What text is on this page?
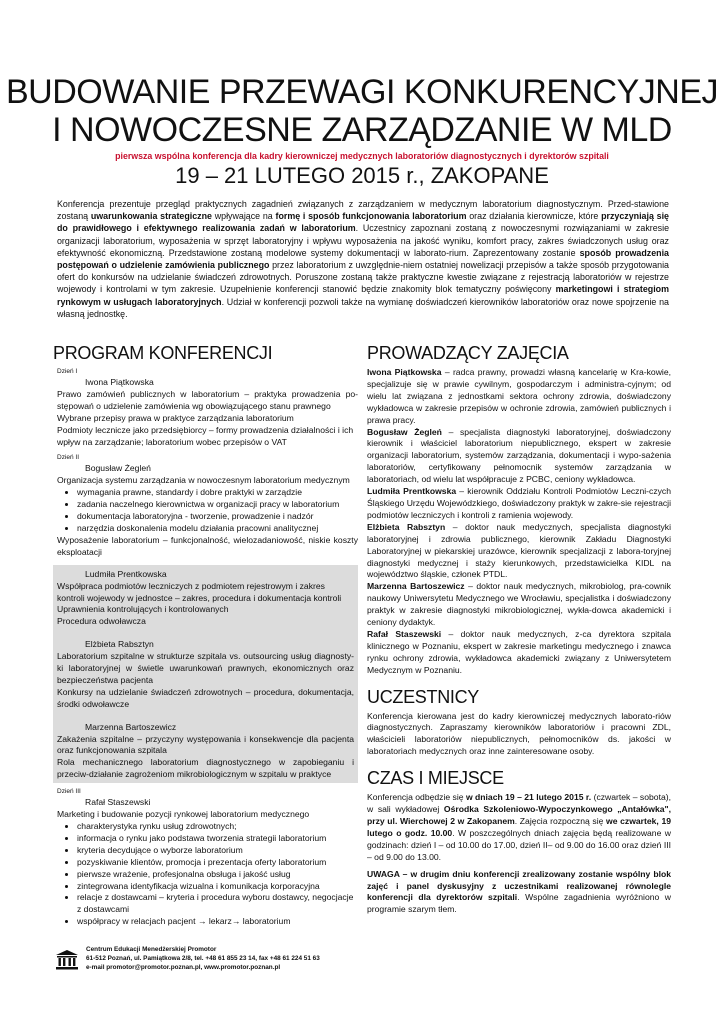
BUDOWANIE PRZEWAGI KONKURENCYJNEJ
I NOWOCZESNE ZARZĄDZANIE W MLD
pierwsza wspólna konferencja dla kadry kierowniczej medycznych laboratoriów diagnostycznych i dyrektorów szpitali
19 – 21 LUTEGO 2015 r., ZAKOPANE
Konferencja prezentuje przegląd praktycznych zagadnień związanych z zarządzaniem w medycznym laboratorium diagnostycznym. Przed-stawione zostaną uwarunkowania strategiczne wpływające na formę i sposób funkcjonowania laboratorium oraz działania kierownicze, które przyczyniają się do prawidłowego i efektywnego realizowania zadań w laboratorium. Uczestnicy zapoznani zostaną z nowoczesnymi rozwiązaniami w zakresie organizacji laboratorium, wyposażenia w sprzęt laboratoryjny i wpływu wyposażenia na jakość wyniku, komfort pracy, zakres świadczonych usług oraz efektywność ekonomiczną. Przedstawione zostaną modelowe systemy dokumentacji w laborato-rium. Zaprezentowany zostanie sposób prowadzenia postępowań o udzielenie zamówienia publicznego przez laboratorium z uwzględnie-niem ostatniej nowelizacji przepisów a także sposób przygotowania ofert do konkursów na udzielanie świadczeń zdrowotnych. Poruszone zostaną także praktyczne kwestie związane z rejestracją laboratoriów w rejestrze wojewody i kontrolami w tym zakresie. Uzupełnienie konferencji stanowić będzie znakomity blok tematyczny poświęcony marketingowi i strategiom rynkowym w usługach laboratoryjnych. Udział w konferencji pozwoli także na wymianę doświadczeń kierowników laboratoriów oraz nowe spojrzenie na własną jednostkę.
PROGRAM KONFERENCJI
Dzień I
Iwona Piątkowska
Prawo zamówień publicznych w laboratorium – praktyka prowadzenia po-stępowań o udzielenie zamówienia wg obowiązującego stanu prawnego
Wybrane przepisy prawa w praktyce zarządzania laboratorium
Podmioty lecznicze jako przedsiębiorcy – formy prowadzenia działalności i ich wpływ na zarządzanie; laboratorium wobec przepisów o VAT
Dzień II
Bogusław Żegleń
Organizacja systemu zarządzania w nowoczesnym laboratorium medycznym
• wymagania prawne, standardy i dobre praktyki w zarządzie
• zadania naczelnego kierownictwa w organizacji pracy w laboratorium
• dokumentacja laboratoryjna - tworzenie, prowadzenie i nadzór
• narzędzia doskonalenia modelu działania pracowni analitycznej
Wyposażenie laboratorium – funkcjonalność, wielozadaniowość, niskie koszty eksploatacji
Ludmiła Prentkowska
Współpraca podmiotów leczniczych z podmiotem rejestrowym i zakres kontroli wojewody w jednostce – zakres, procedura i dokumentacja kontroli
Uprawnienia kontrolujących i kontrolowanych
Procedura odwoławcza
Elżbieta Rabsztyn
Laboratorium szpitalne w strukturze szpitala vs. outsourcing usług diagnosty-ki laboratoryjnej w świetle uwarunkowań prawnych, ekonomicznych oraz bezpieczeństwa pacjenta
Konkursy na udzielanie świadczeń zdrowotnych – procedura, dokumentacja, środki odwoławcze
Marzenna Bartoszewicz
Zakażenia szpitalne – przyczyny występowania i konsekwencje dla pacjenta oraz funkcjonowania szpitala
Rola mechanicznego laboratorium diagnostycznego w zapobieganiu i przeciw-działanie zagrożeniom mikrobiologicznym w szpitalu w praktyce
Dzień III
Rafał Staszewski
Marketing i budowanie pozycji rynkowej laboratorium medycznego
• charakterystyka rynku usług zdrowotnych;
• informacja o rynku jako podstawa tworzenia strategii laboratorium
• kryteria decydujące o wyborze laboratorium
• pozyskiwanie klientów, promocja i prezentacja oferty laboratorium
• pierwsze wrażenie, profesjonalna obsługa i jakość usług
• zintegrowana identyfikacja wizualna i komunikacja korporacyjna
• relacje z dostawcami – kryteria i procedura wyboru dostawcy, negocjacje z dostawcami
• współpracy w relacjach pacjent → lekarz→ laboratorium
PROWADZĄCY ZAJĘCIA

Iwona Piątkowska – radca prawny, prowadzi własną kancelarię w Kra-kowie, specjalizuje się w prawie cywilnym, gospodarczym i administra-cyjnym; od wielu lat związana z jednostkami sektora ochrony zdrowia, doświadczony wykładowca w zakresie przepisów w ochronie zdrowia, zamówień publicznych i prawa pracy.

Bogusław Żegleń – specjalista diagnostyki laboratoryjnej, doświadczony kierownik i właściciel laboratorium niepublicznego, ekspert w zakresie organizacji laboratorium, systemów zarządzania, dokumentacji i wypo-sażenia laboratoriów, certyfikowany pełnomocnik systemów zarządzania w laboratoriach, od wielu lat współpracuje z PCBC, ceniony wykładowca.

Ludmiła Prentkowska – kierownik Oddziału Kontroli Podmiotów Leczni-czych Śląskiego Urzędu Wojewódzkiego, doświadczony praktyk w zakre-sie rejestracji podmiotów leczniczych i kontroli z ramienia wojewody.

Elżbieta Rabsztyn – doktor nauk medycznych, specjalista diagnostyki laboratoryjnej i zdrowia publicznego, kierownik Zakładu Diagnostyki Laboratoryjnej w piekarskiej urazówce, kierownik specjalizacji z labora-toryjnej diagnostyki medycznej i staży kierunkowych, przedstawicielka KIDL na województwo śląskie, członek PTDL.

Marzenna Bartoszewicz – doktor nauk medycznych, mikrobiolog, pra-cownik naukowy Uniwersytetu Medycznego we Wrocławiu, specjalistka i doświadczony praktyk w zakresie diagnostyki mikrobiologicznej, wykła-dowca akademicki i ceniony dydaktyk.

Rafał Staszewski – doktor nauk medycznych, z-ca dyrektora szpitala klinicznego w Poznaniu, ekspert w zakresie marketingu medycznego i znawca rynku ochrony zdrowia, wykładowca akademicki związany z Uniwersytetem Medycznym w Poznaniu.

UCZESTNICY
Konferencja kierowana jest do kadry kierowniczej medycznych laborato-riów diagnostycznych. Zapraszamy kierowników laboratoriów i pracowni ZDL, właścicieli laboratoriów niepublicznych, pełnomocników ds. jakości w laboratoriach medycznych oraz inne zainteresowane osoby.
CZAS I MIEJSCE
Konferencja odbędzie się w dniach 19 – 21 lutego 2015 r. (czwartek – sobota), w sali wykładowej Ośrodka Szkoleniowo-Wypoczynkowego „Antałówka", przy ul. Wierchowej 2 w Zakopanem. Zajęcia rozpoczną się we czwartek, 19 lutego o godz. 10.00. W poszczególnych dniach zajęcia będą realizowane w godzinach: dzień I – od 10.00 do 17.00, dzień II– od 9.00 do 16.00 oraz dzień III – od 9.00 do 13.00.
UWAGA – w drugim dniu konferencji zrealizowany zostanie wspólny blok zajęć i panel dyskusyjny z uczestnikami realizowanej równolegle konferencji dla dyrektorów szpitali. Wspólne zagadnienia wyróżniono w programie szarym tłem.
Centrum Edukacji Menedżerskiej Promotor
61-512 Poznań, ul. Pamiątkowa 2/8, tel. +48 61 855 23 14, fax +48 61 224 51 63
e-mail promotor@promotor.poznan.pl, www.promotor.poznan.pl
